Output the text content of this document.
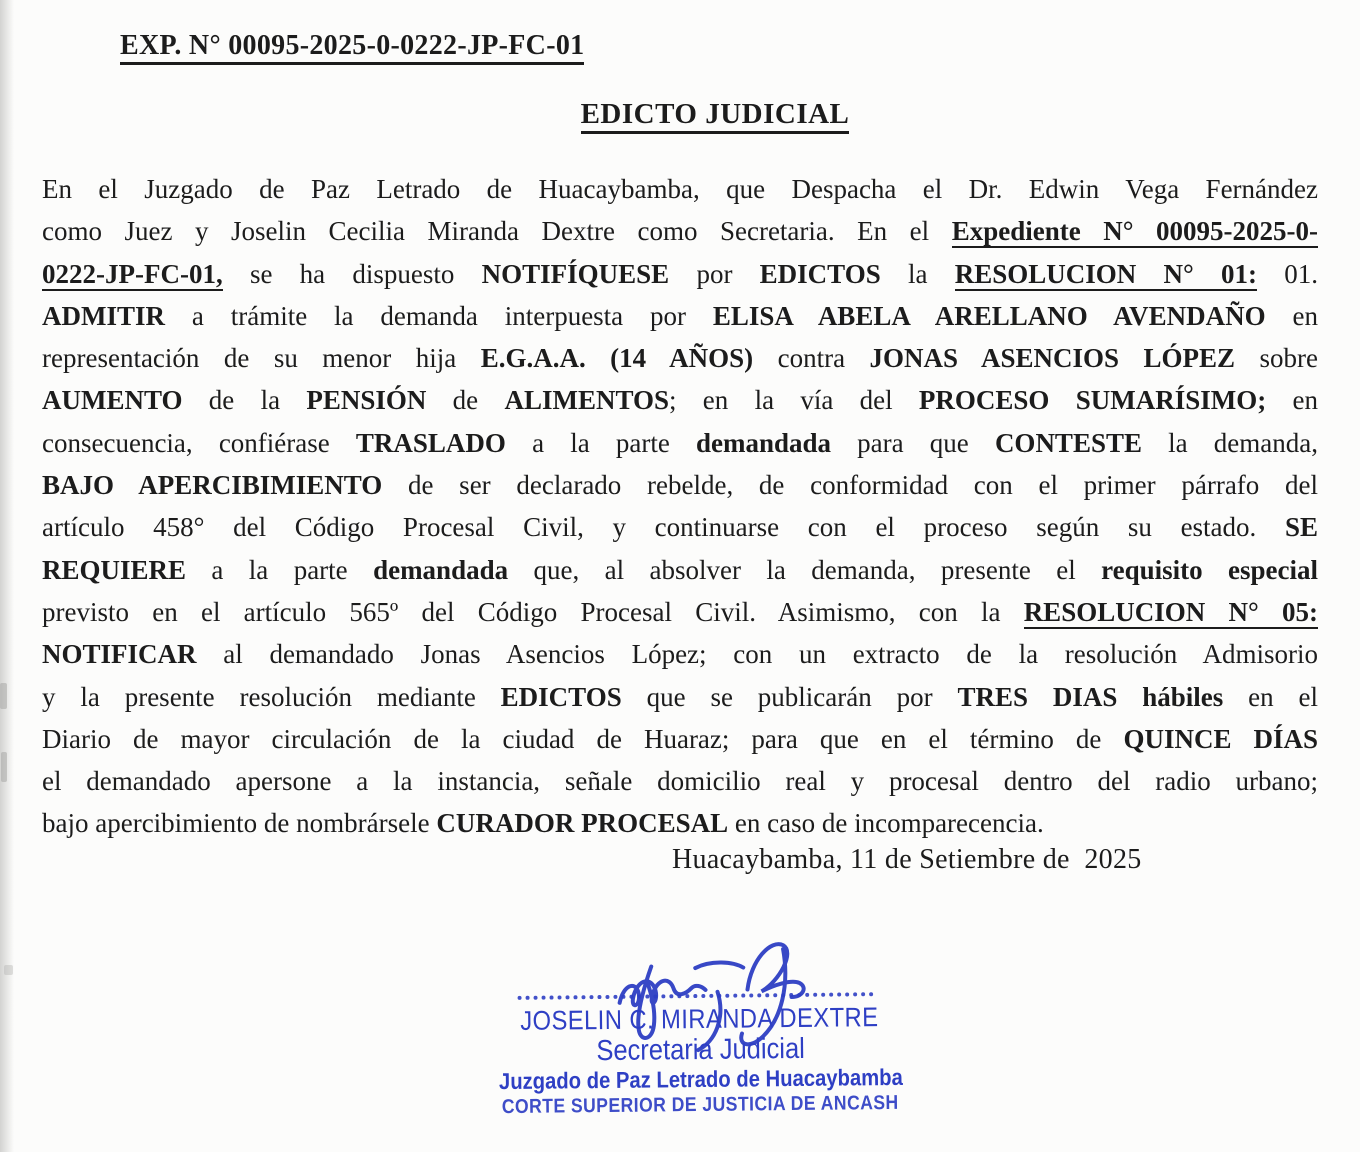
EXP. N° 00095-2025-0-0222-JP-FC-01
EDICTO JUDICIAL
En el Juzgado de Paz Letrado de Huacaybamba, que Despacha el Dr. Edwin Vega Fernández
como Juez y Joselin Cecilia Miranda Dextre como Secretaria. En el Expediente N° 00095-2025-0-
0222-JP-FC-01, se ha dispuesto NOTIFÍQUESE por EDICTOS la RESOLUCION N° 01: 01.
ADMITIR a trámite la demanda interpuesta por ELISA ABELA ARELLANO AVENDAÑO en
representación de su menor hija E.G.A.A. (14 AÑOS) contra JONAS ASENCIOS LÓPEZ sobre
AUMENTO de la PENSIÓN de ALIMENTOS; en la vía del PROCESO SUMARÍSIMO; en
consecuencia, confiérase TRASLADO a la parte demandada para que CONTESTE la demanda,
BAJO APERCIBIMIENTO de ser declarado rebelde, de conformidad con el primer párrafo del
artículo 458° del Código Procesal Civil, y continuarse con el proceso según su estado. SE
REQUIERE a la parte demandada que, al absolver la demanda, presente el requisito especial
previsto en el artículo 565º del Código Procesal Civil. Asimismo, con la RESOLUCION N° 05:
NOTIFICAR al demandado Jonas Asencios López; con un extracto de la resolución Admisorio
y la presente resolución mediante EDICTOS que se publicarán por TRES DIAS hábiles en el
Diario de mayor circulación de la ciudad de Huaraz; para que en el término de QUINCE DÍAS
el demandado apersone a la instancia, señale domicilio real y procesal dentro del radio urbano;
bajo apercibimiento de nombrársele CURADOR PROCESAL en caso de incomparecencia.
Huacaybamba, 11 de Setiembre de  2025
JOSELIN C. MIRANDA DEXTRE
Secretaria Judicial
Juzgado de Paz Letrado de Huacaybamba
CORTE SUPERIOR DE JUSTICIA DE ANCASH
